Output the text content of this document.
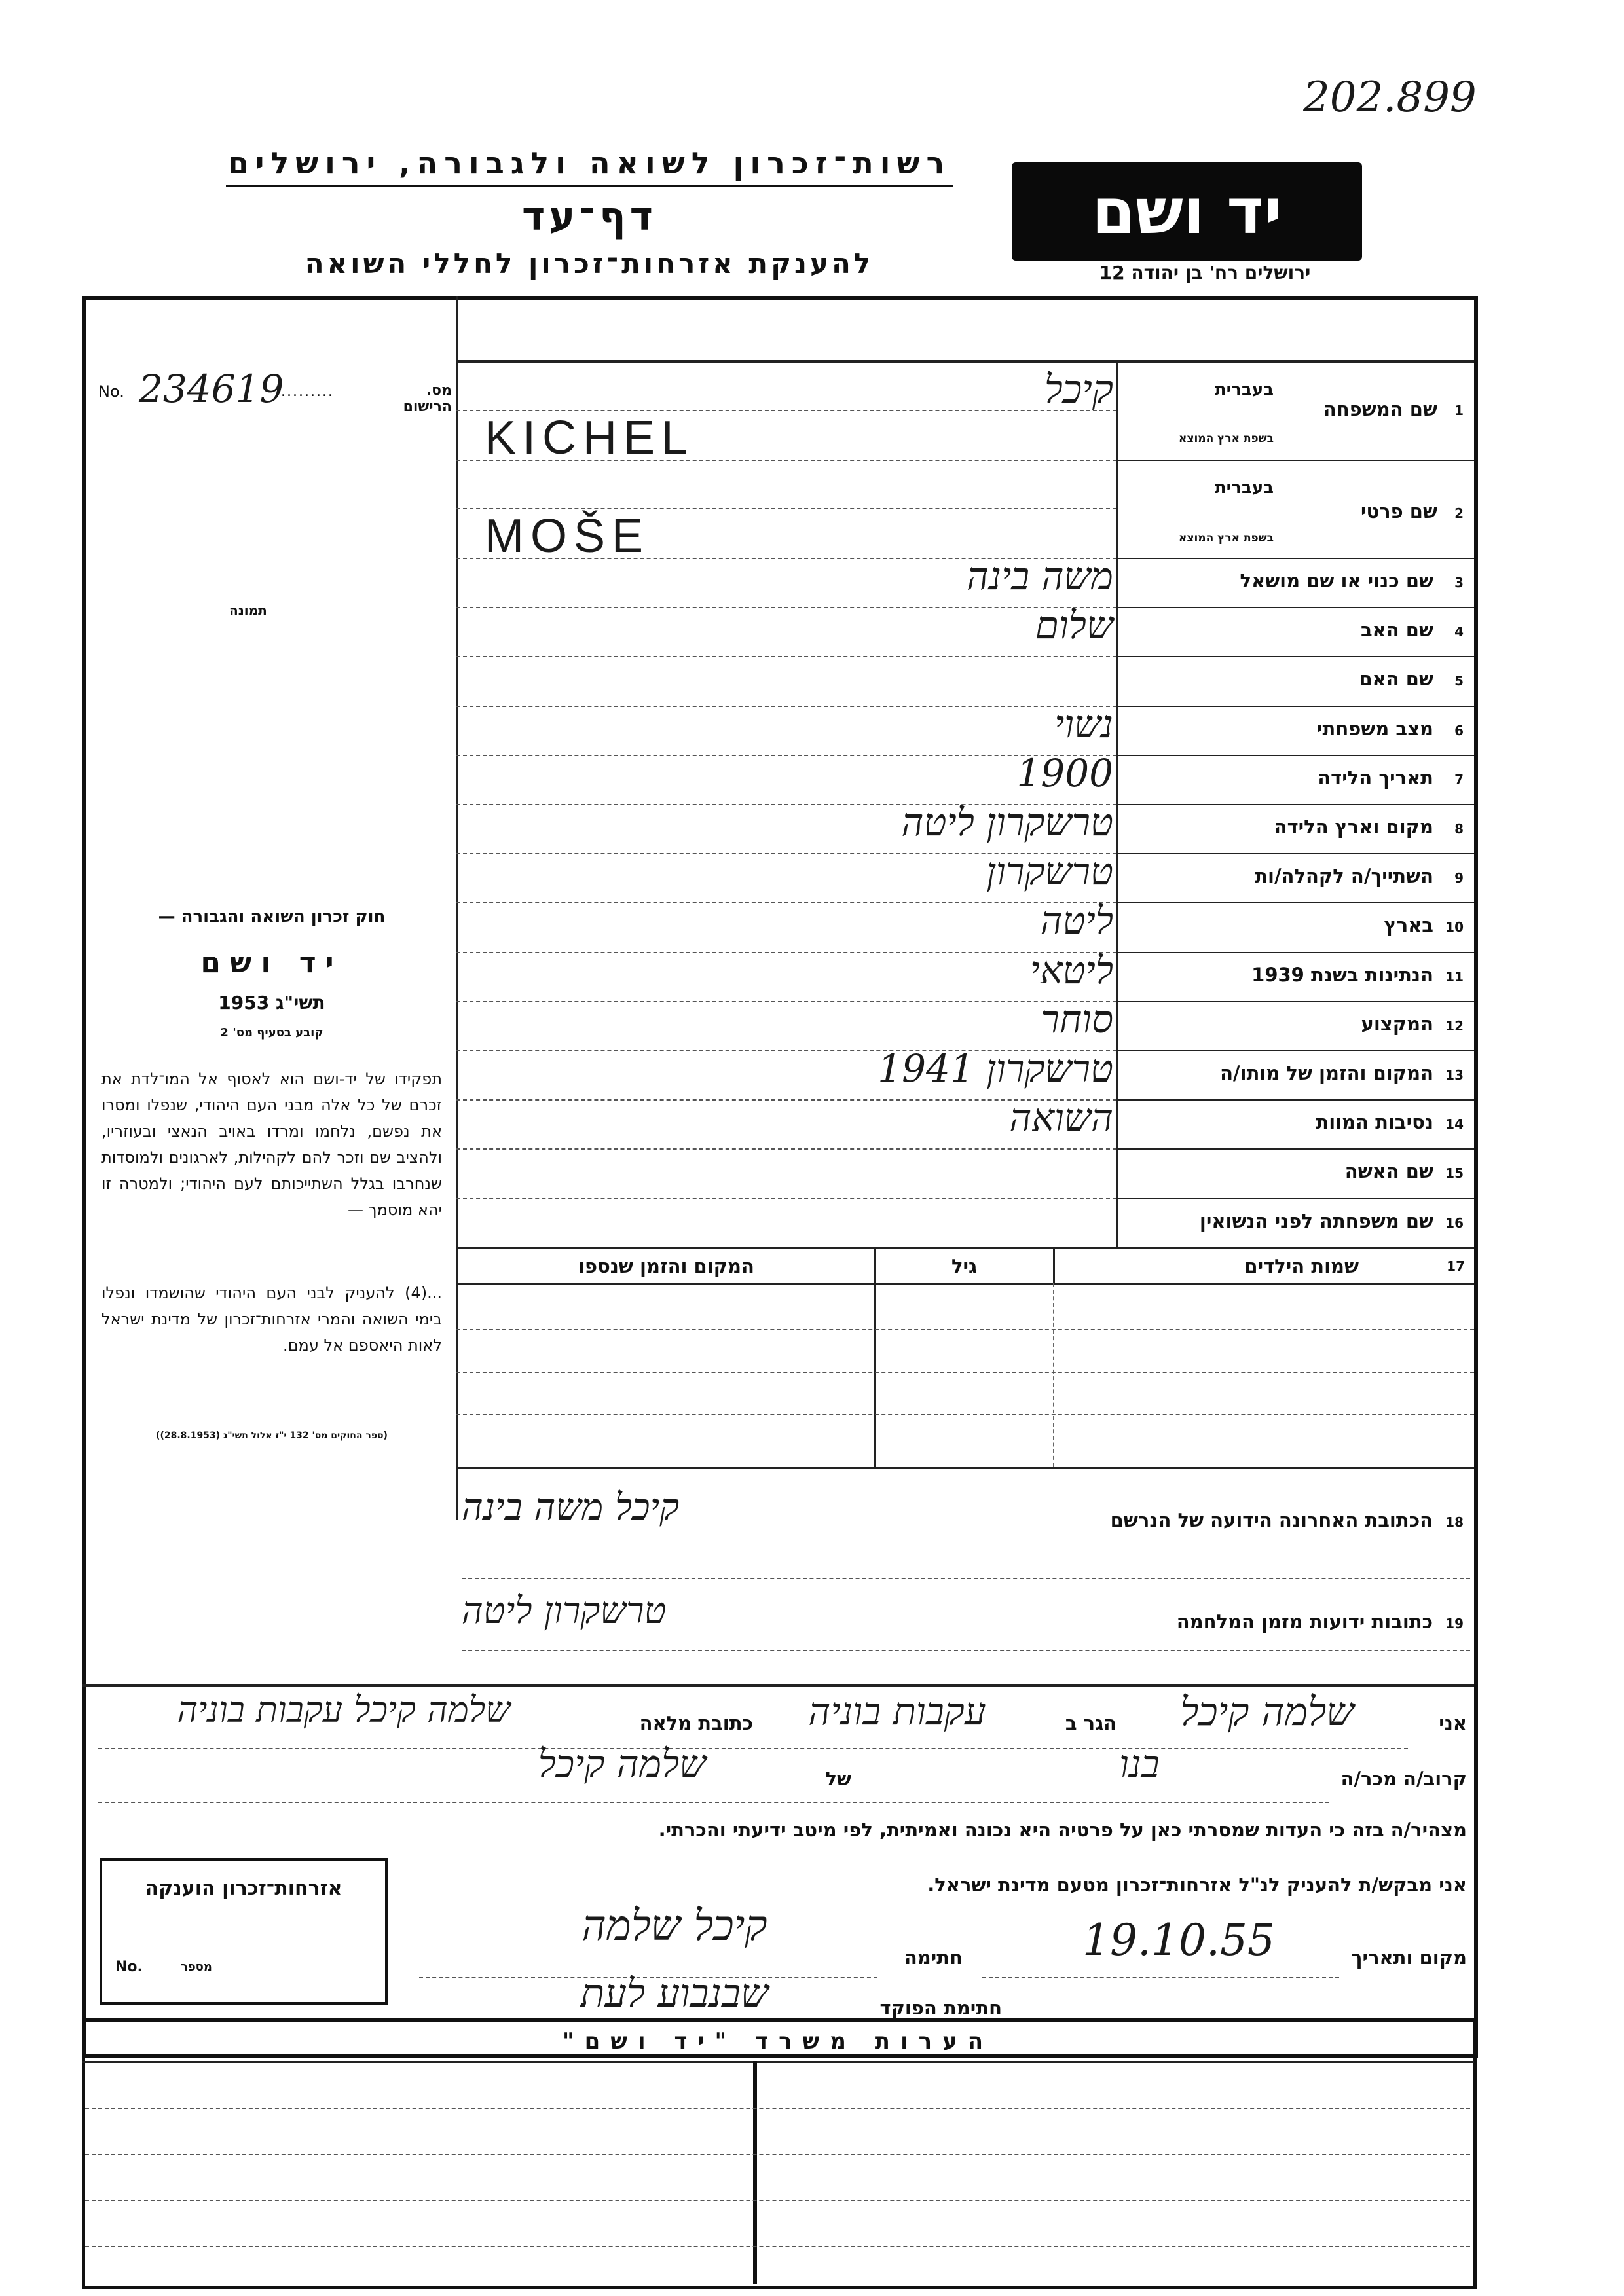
202.899
רשות־זכרון לשואה ולגבורה, ירושלים
דף־עד
להענקת אזרחות־זכרון לחללי השואה
יד ושם
ירושלים רח' בן יהודה 12
No. 234619
..........	מס. הרישום
תמונה
חוק זכרון השואה והגבורה —
יד ושם
תשי"ג 1953
קובע בסעיף מס' 2
תפקידו של יד-ושם הוא לאסוף אל המו־לדת את זכרם של כל אלה מבני העם היהודי, שנפלו ומסרו את נפשם, נלחמו ומרדו באויב הנאצי ובעוזריו, ולהציב שם וזכר להם לקהילות, לארגונים ולמוסדות שנחרבו בגלל השתייכותם לעם היהודי; ולמטרה זו יהא מוסמך —
...(4) להעניק לבני העם היהודי שהושמדו ונפלו בימי השואה והמרי אזרחות־זכרון של מדינת ישראל לאות היאספם אל עמם.
(ספר החוקים מס' 132 י"ז אלול תשי"ג (28.8.1953))
1
שם המשפחה
בעברית
בשפת ארץ המוצא
קיכל
KICHEL
2
שם פרטי
בעברית
בשפת ארץ המוצא
MOŠE
3שם כנוי או שם מושאל
4שם האב
5שם האם
6מצב משפחתי
7תאריך הלידה
8מקום וארץ הלידה
9השתייך/ה לקהלה/ות
10בארץ
11הנתינות בשנת 1939
12המקצוע
13המקום והזמן של מותו/ה
14נסיבות המוות
15שם האשה
16שם משפחתה לפני הנשואין
משה בינה
שלום
נשוי
1900
טרשקרון ליטה
טרשקרון
ליטה
ליטאי
סוחר
טרשקרון 1941
השואה
17
שמות הילדים
גיל
המקום והזמן שנספו
18 הכתובת האחרונה הידועה של הנרשם
קיכל משה בינה
19 כתובות ידועות מזמן המלחמה
טרשקרון ליטה
אני
שלמה קיכל
הגר ב
עקבות בוניה
כתובת מלאה
שלמה קיכל עקבות בוניה
קרוב/ה מכר/ה
בנו
של
שלמה קיכל
מצהיר/ה בזה כי העדות שמסרתי כאן על פרטיה היא נכונה ואמיתית, לפי מיטב ידיעתי והכרתי.
אני מבקש/ת להעניק לנ"ל אזרחות־זכרון מטעם מדינת ישראל.
מקום ותאריך
19.10.55
חתימה
קיכל שלמה
חתימת הפוקד
שבנבוע לעת
אזרחות־זכרון הוענקה
No.	מספר
הערות משרד "יד ושם"
